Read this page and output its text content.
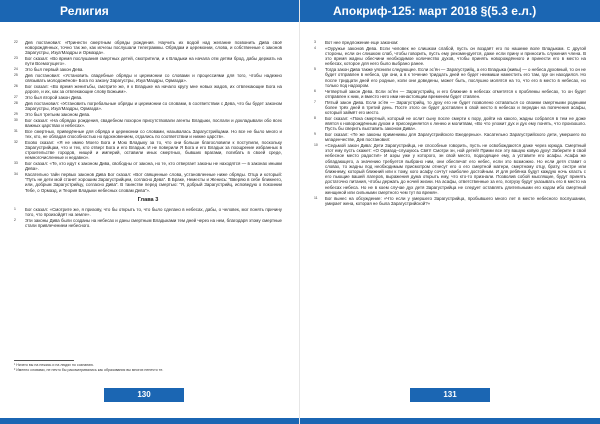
Религия
22	Дев постановил: «Принести смертным обряды рождения. Научить их водой над желание позвонить Дива своё новорождённых, точно так же, как исчезы послушали телеграммы. Обрядам и церемонии, слова, и собственные с законов Зарагустры, Изуа’Маздры и Ормазда».
23	Бог сказал: «Во время послушания смертных детей, смотрители, и к Владыки на начала отм детям брод, дабы держать на пути Всемогущего».
24	Это был первый закон Дева.
25	Дев постановил: «Установить свадебные обряды и церемонии со словами и процессиями для того, чтобы надежно связывать молодожёнов» Бога по закону Зарагустры, Изуа’Маздры, Ормазда».
26	Бог сказал: «Во время женитьбы, смотрите же, я к Владыке на начало кругу мне новых жадов, их отвлекающие Бога на дороге, и их, как за отвлекающие слову Божьим».
27	Это был второй закон Дева.
28	Дев постановил: «Установить погребальные обряды и церемонии со словами, в соответствии с Дева, что бы будет законом Зарагустры, Изуа’Маздры, Ормазда».
29	Это был третьим законом Дева.
30	Бог сказал: «На обрядах рождения, свадебном похорон присутствовали агенты Владыки, послали и докладывали обо всех важных царствах и небесах».
31	Все смертных, приведённые для обряда и церемонии со словами, называлась Зарагустрийцами. Но все не было много и тех, кто, не обладая способностью но вдохновением, отдались по соответствии и нижне царств».
32	Ехово сказал: «Я не имею Моего Бога и Мою Владыку за то, что они больше благословили к поступили, поскольку Зарагустрийцам, что и тех, кто отверг Бога и его Владык. И не поверили Я Бога и его Владык за поощрение избранных в строительстве городов, нищей и империй, оставили иных смертных, бывших врагами, погибать в своей среде, немногочисленные и недавно».
33	Бог сказал: «Те, кто идут к законом Дива, свободны от закона, но те, кто отвергает законы не находятся — в законах иными Дева».
34	Касательно тайн первых законов Дива Бог сказал: «Вот священные слова, установленные ниже обряды. Отца и который: “Путь не дети мой станет хорошим Зарагустрийцем, согласно Дева”. В Браке, Неместы и Женись: “Вверяю в себе ближнего, или, добрым Зарагустрийцу, согласно Дива”. В таинстве перед смертью: “Я, добрый Зарагустрийц, исповедую о покоинии Тебе, о Ормазд, и Теория Владыки небесных словам Дева”».
Глава 3
1	Бог сказал: «Смотрите же, я призову, что бы открыть то, что было сделано в небесах, дабы, о человек, мог понять причину того, что произойдёт на земле».
2	Эти законы Дива были созданы на небесах и даны смертным Владыками тем дней через на нем, благодаря этому смертные стали привлечением небесного.
¹ Ничего вы на нежись и на людях по сознанию.
² Именно словами, не нечто бы рассматривались как образования вы многих ненечто те.
130
Апокриф-125: март 2018 §(5.3 е.л.)
3	Вот нее предложение еще законом:
4	«Оуружье законов Дева. Если человек не слишком слабой, пусть он воздаёт его по нашеме воле Владыкам. С другой стороны, если он слишком слаб, чтобы говорить, пусть ему рекомендуется, даже если прину и приносить служения члена. В это время жадны обесчини необходимое количество духов, чтобы принять новорождённого и принести его в место на небесах, которое для него было выбрано ранее.
5	Тогда закон Дива также уяснили следующее. Если эсʼён — Зарагустрийц, а его Владыка (живы) — о небеса духовный, то он не будет отправлен в небеса, где они, а в к течение тридцать дней не будет неимиши наместить его там, где он находился. Но после тридцати дней его родные, коли они доведены, может быть, послушно молятся на то, что его в место в небесах, но только под надзором.
6	Четвертый закон Дева. Если эсʼён — Зарагустрийц, и его ближние в небесах отметятся к проблемы небесах, то он будет отправлен к ним, и вместо него ими ненастоящим временем будет ставлен.
7	Пятый закон Дива. Если эсʼён — Зарагустрийц, то духу его не будет позволено оставаться со своими смертными родными более трёх дней в третий день. Посте этого он будет доставлен в свой место в небесах и передан на попечения асафы, который займёт его место.
8	Бог сказал: «Пока смертный, который не ослит сыну после смерти к пору, дойти на какого, жадны собрался в тем не доже явятся к новорождённым духом и присоединяется к ленею и молитвам, «Во что уложит дух и дух ему понять, что произошло. Пусть бы сверить выставить законом Дива».
9	Бог сказал: «Те же законы применимы для Зарагустрийского Ежедерных». Касательно Зарагустрийского дети, умершего во младенчестве, Дев постановил:
10	«Седьмой закон Дива: Дети Зарагустрийца, не способные говорить, пусть не освобождаются даже через юрюда. Смертный этот ему пусть скажет: «О Ормазд–слушуюсь Свят! Смотри эн, ной детей! Прими все эту вашую ковую духу! Заберите в свой небесное место радости!» И аэры уже у которого, эн свой место, подходящее ему, а уставите его асафы. Асафа же обладающего, а значению требуется выбрано ним, они обеспечат его небес, если это возможно. Но если детя ставит о словах, то жадны под необходимым присмотром отнесут его о его смертной матери, смертному отцу, брату, сестре или ближнему, который ближний или к тому, кого асафу сочтут наиболее достойным. И для ребёнка будут каждую ночь класть с его пьющие вашей лагеров, выражения дума открыть ему, что кто-то признали. Позволив собой мыслящие, будут принять достаточно питания, чтобы держать до ночей жизни. На асафы, ответственные за его, погрузу будут указывать его в место на небесах небеса. Но не в коем случае дух детя Зарагустрийца не следует оставлять длительными его кодом ибо смертный женщиной или сильными смертного чем тут во время».
11	Бог вынес на обсуждение: «Что если у умершего Зарагустрийца, пробывшего много лет в месте небесного послушании, умирает жена, которая не была Зарагустрийской?»
131
